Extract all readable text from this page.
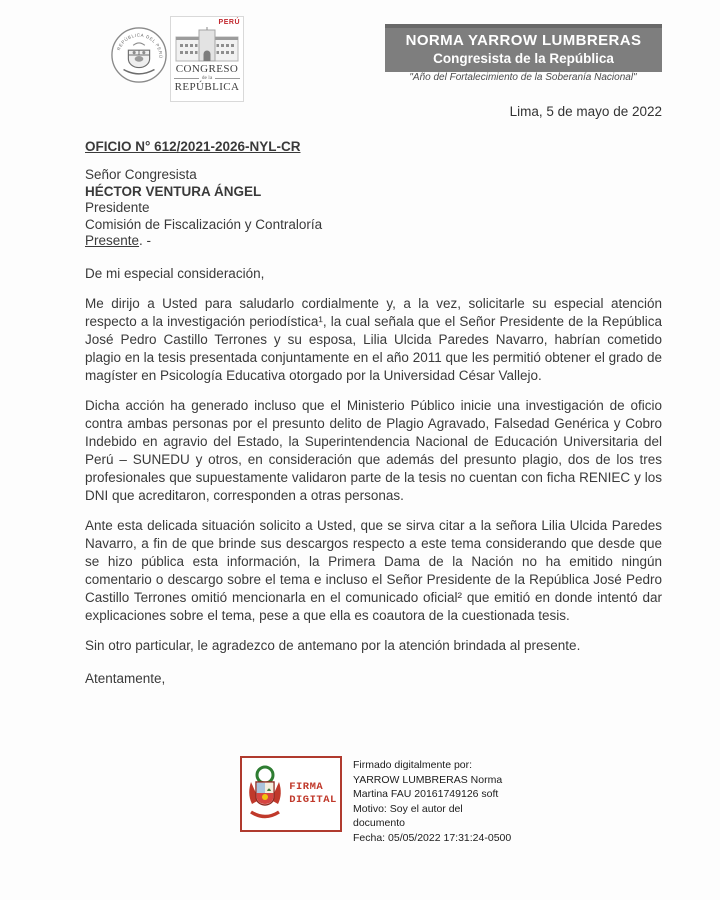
REPÚBLICA DEL PERÚ
PERÚ
CONGRESO
de la
REPÚBLICA
NORMA YARROW LUMBRERAS
Congresista de la República
"Año del Fortalecimiento de la Soberanía Nacional"
Lima, 5 de mayo de 2022
OFICIO N° 612/2021-2026-NYL-CR
Señor Congresista
HÉCTOR VENTURA ÁNGEL
Presidente
Comisión de Fiscalización y Contraloría
Presente. -
De mi especial consideración,

Me dirijo a Usted para saludarlo cordialmente y, a la vez, solicitarle su especial atención respecto a la investigación periodística¹, la cual señala que el Señor Presidente de la República José Pedro Castillo Terrones y su esposa, Lilia Ulcida Paredes Navarro, habrían cometido plagio en la tesis presentada conjuntamente en el año 2011 que les permitió obtener el grado de magíster en Psicología Educativa otorgado por la Universidad César Vallejo.

Dicha acción ha generado incluso que el Ministerio Público inicie una investigación de oficio contra ambas personas por el presunto delito de Plagio Agravado, Falsedad Genérica y Cobro Indebido en agravio del Estado, la Superintendencia Nacional de Educación Universitaria del Perú – SUNEDU y otros, en consideración que además del presunto plagio, dos de los tres profesionales que supuestamente validaron parte de la tesis no cuentan con ficha RENIEC y los DNI que acreditaron, corresponden a otras personas.

Ante esta delicada situación solicito a Usted, que se sirva citar a la señora Lilia Ulcida Paredes Navarro, a fin de que brinde sus descargos respecto a este tema considerando que desde que se hizo pública esta información, la Primera Dama de la Nación no ha emitido ningún comentario o descargo sobre el tema e incluso el Señor Presidente de la República José Pedro Castillo Terrones omitió mencionarla en el comunicado oficial² que emitió en donde intentó dar explicaciones sobre el tema, pese a que ella es coautora de la cuestionada tesis.

Sin otro particular, le agradezco de antemano por la atención brindada al presente.

Atentamente,
FIRMA
DIGITAL
Firmado digitalmente por:
YARROW LUMBRERAS Norma
Martina FAU 20161749126 soft
Motivo: Soy el autor del
documento
Fecha: 05/05/2022 17:31:24-0500
